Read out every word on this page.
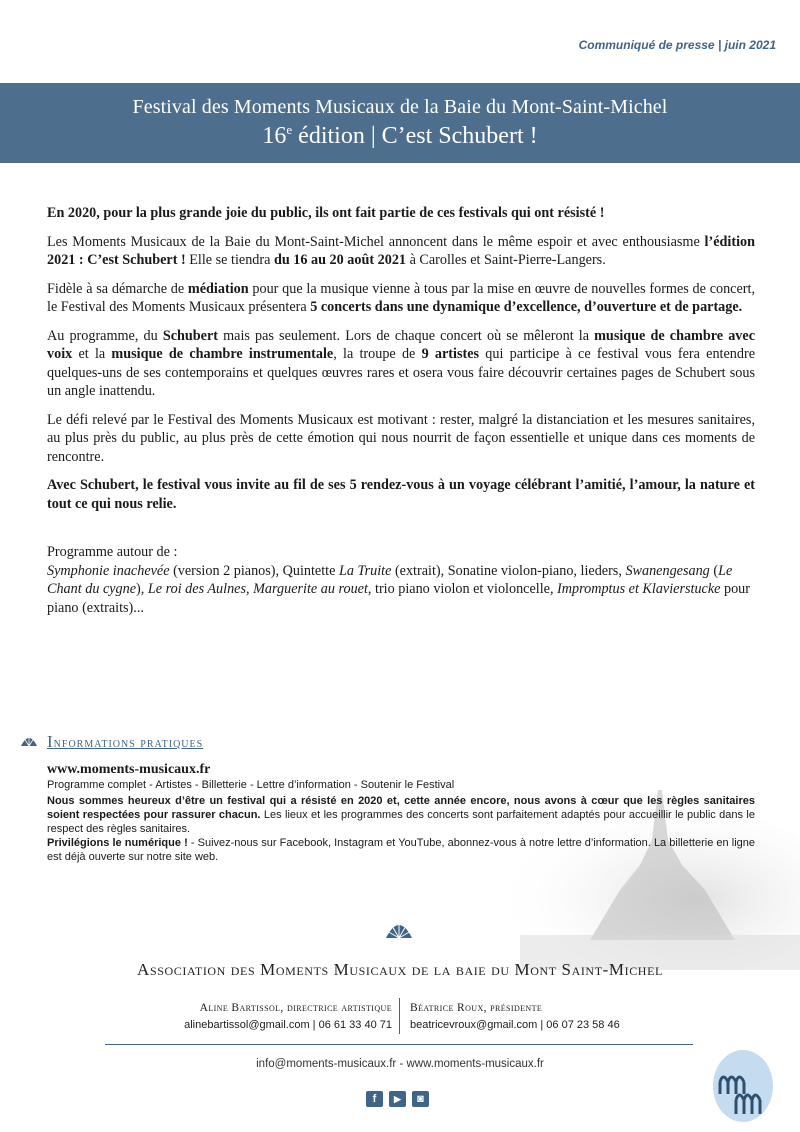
Communiqué de presse | juin 2021
Festival des Moments Musicaux de la Baie du Mont-Saint-Michel
16e édition | C’est Schubert !

En 2020, pour la plus grande joie du public, ils ont fait partie de ces festivals qui ont résisté !

Les Moments Musicaux de la Baie du Mont-Saint-Michel annoncent dans le même espoir et avec enthousiasme l’édition 2021 : C’est Schubert ! Elle se tiendra du 16 au 20 août 2021 à Carolles et Saint-Pierre-Langers.

Fidèle à sa démarche de médiation pour que la musique vienne à tous par la mise en œuvre de nouvelles formes de concert, le Festival des Moments Musicaux présentera 5 concerts dans une dynamique d’excellence, d’ouverture et de partage.

Au programme, du Schubert mais pas seulement. Lors de chaque concert où se mêleront la musique de chambre avec voix et la musique de chambre instrumentale, la troupe de 9 artistes qui participe à ce festival vous fera entendre quelques-uns de ses contemporains et quelques œuvres rares et osera vous faire découvrir certaines pages de Schubert sous un angle inattendu.

Le défi relevé par le Festival des Moments Musicaux est motivant : rester, malgré la distanciation et les mesures sanitaires, au plus près du public, au plus près de cette émotion qui nous nourrit de façon essentielle et unique dans ces moments de rencontre.

Avec Schubert, le festival vous invite au fil de ses 5 rendez-vous à un voyage célébrant l’amitié, l’amour, la nature et tout ce qui nous relie.

Programme autour de :
Symphonie inachevée (version 2 pianos), Quintette La Truite (extrait), Sonatine violon-piano, lieders, Swanengesang (Le Chant du cygne), Le roi des Aulnes, Marguerite au rouet, trio piano violon et violoncelle, Impromptus et Klavierstucke pour piano (extraits)...

Informations pratiques
www.moments-musicaux.fr
Programme complet - Artistes - Billetterie - Lettre d’information - Soutenir le Festival
Nous sommes heureux d’être un festival qui a résisté en 2020 et, cette année encore, nous avons à cœur que les règles sanitaires soient respectées pour rassurer chacun. Les lieux et les programmes des concerts sont parfaitement adaptés pour accueillir le public dans le respect des règles sanitaires.
Privilégions le numérique ! - Suivez-nous sur Facebook, Instagram et YouTube, abonnez-vous à notre lettre d’information. La billetterie en ligne est déjà ouverte sur notre site web.
Association des Moments Musicaux de la baie du Mont Saint-Michel
Aline Bartissol, directrice artistique
alinebartissol@gmail.com | 06 61 33 40 71
Béatrice Roux, présidente
beatricevroux@gmail.com | 06 07 23 58 46
info@moments-musicaux.fr - www.moments-musicaux.fr
f	▶	◙
